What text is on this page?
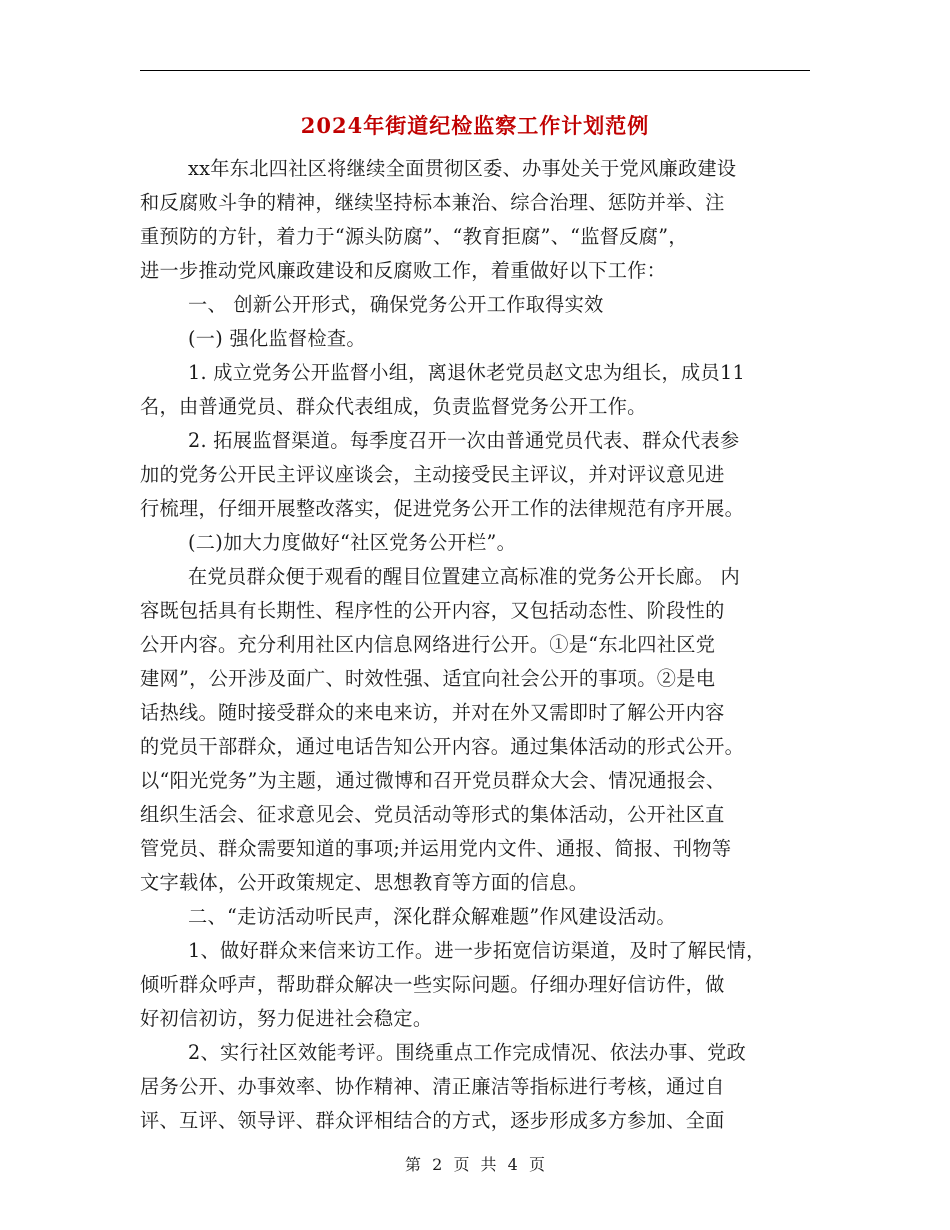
2024年街道纪检监察工作计划范例
xx年东北四社区将继续全面贯彻区委、办事处关于党风廉政建设
和反腐败斗争的精神，继续坚持标本兼治、综合治理、惩防并举、注
重预防的方针，着力于“源头防腐”、“教育拒腐”、“监督反腐”，
进一步推动党风廉政建设和反腐败工作，着重做好以下工作：
一、 创新公开形式，确保党务公开工作取得实效
(一) 强化监督检查。
1. 成立党务公开监督小组，离退休老党员赵文忠为组长，成员11
名，由普通党员、群众代表组成，负责监督党务公开工作。
2. 拓展监督渠道。每季度召开一次由普通党员代表、群众代表参
加的党务公开民主评议座谈会，主动接受民主评议，并对评议意见进
行梳理，仔细开展整改落实，促进党务公开工作的法律规范有序开展。
(二)加大力度做好“社区党务公开栏”。
在党员群众便于观看的醒目位置建立高标准的党务公开长廊。 内
容既包括具有长期性、程序性的公开内容，又包括动态性、阶段性的
公开内容。充分利用社区内信息网络进行公开。①是“东北四社区党
建网”，公开涉及面广、时效性强、适宜向社会公开的事项。②是电
话热线。随时接受群众的来电来访，并对在外又需即时了解公开内容
的党员干部群众，通过电话告知公开内容。通过集体活动的形式公开。
以“阳光党务”为主题，通过微博和召开党员群众大会、情况通报会、
组织生活会、征求意见会、党员活动等形式的集体活动，公开社区直
管党员、群众需要知道的事项;并运用党内文件、通报、简报、刊物等
文字载体，公开政策规定、思想教育等方面的信息。
二、“走访活动听民声，深化群众解难题”作风建设活动。
1、做好群众来信来访工作。进一步拓宽信访渠道，及时了解民情，
倾听群众呼声，帮助群众解决一些实际问题。仔细办理好信访件，做
好初信初访，努力促进社会稳定。
2、实行社区效能考评。围绕重点工作完成情况、依法办事、党政
居务公开、办事效率、协作精神、清正廉洁等指标进行考核，通过自
评、互评、领导评、群众评相结合的方式，逐步形成多方参加、全面
第 2 页 共 4 页
